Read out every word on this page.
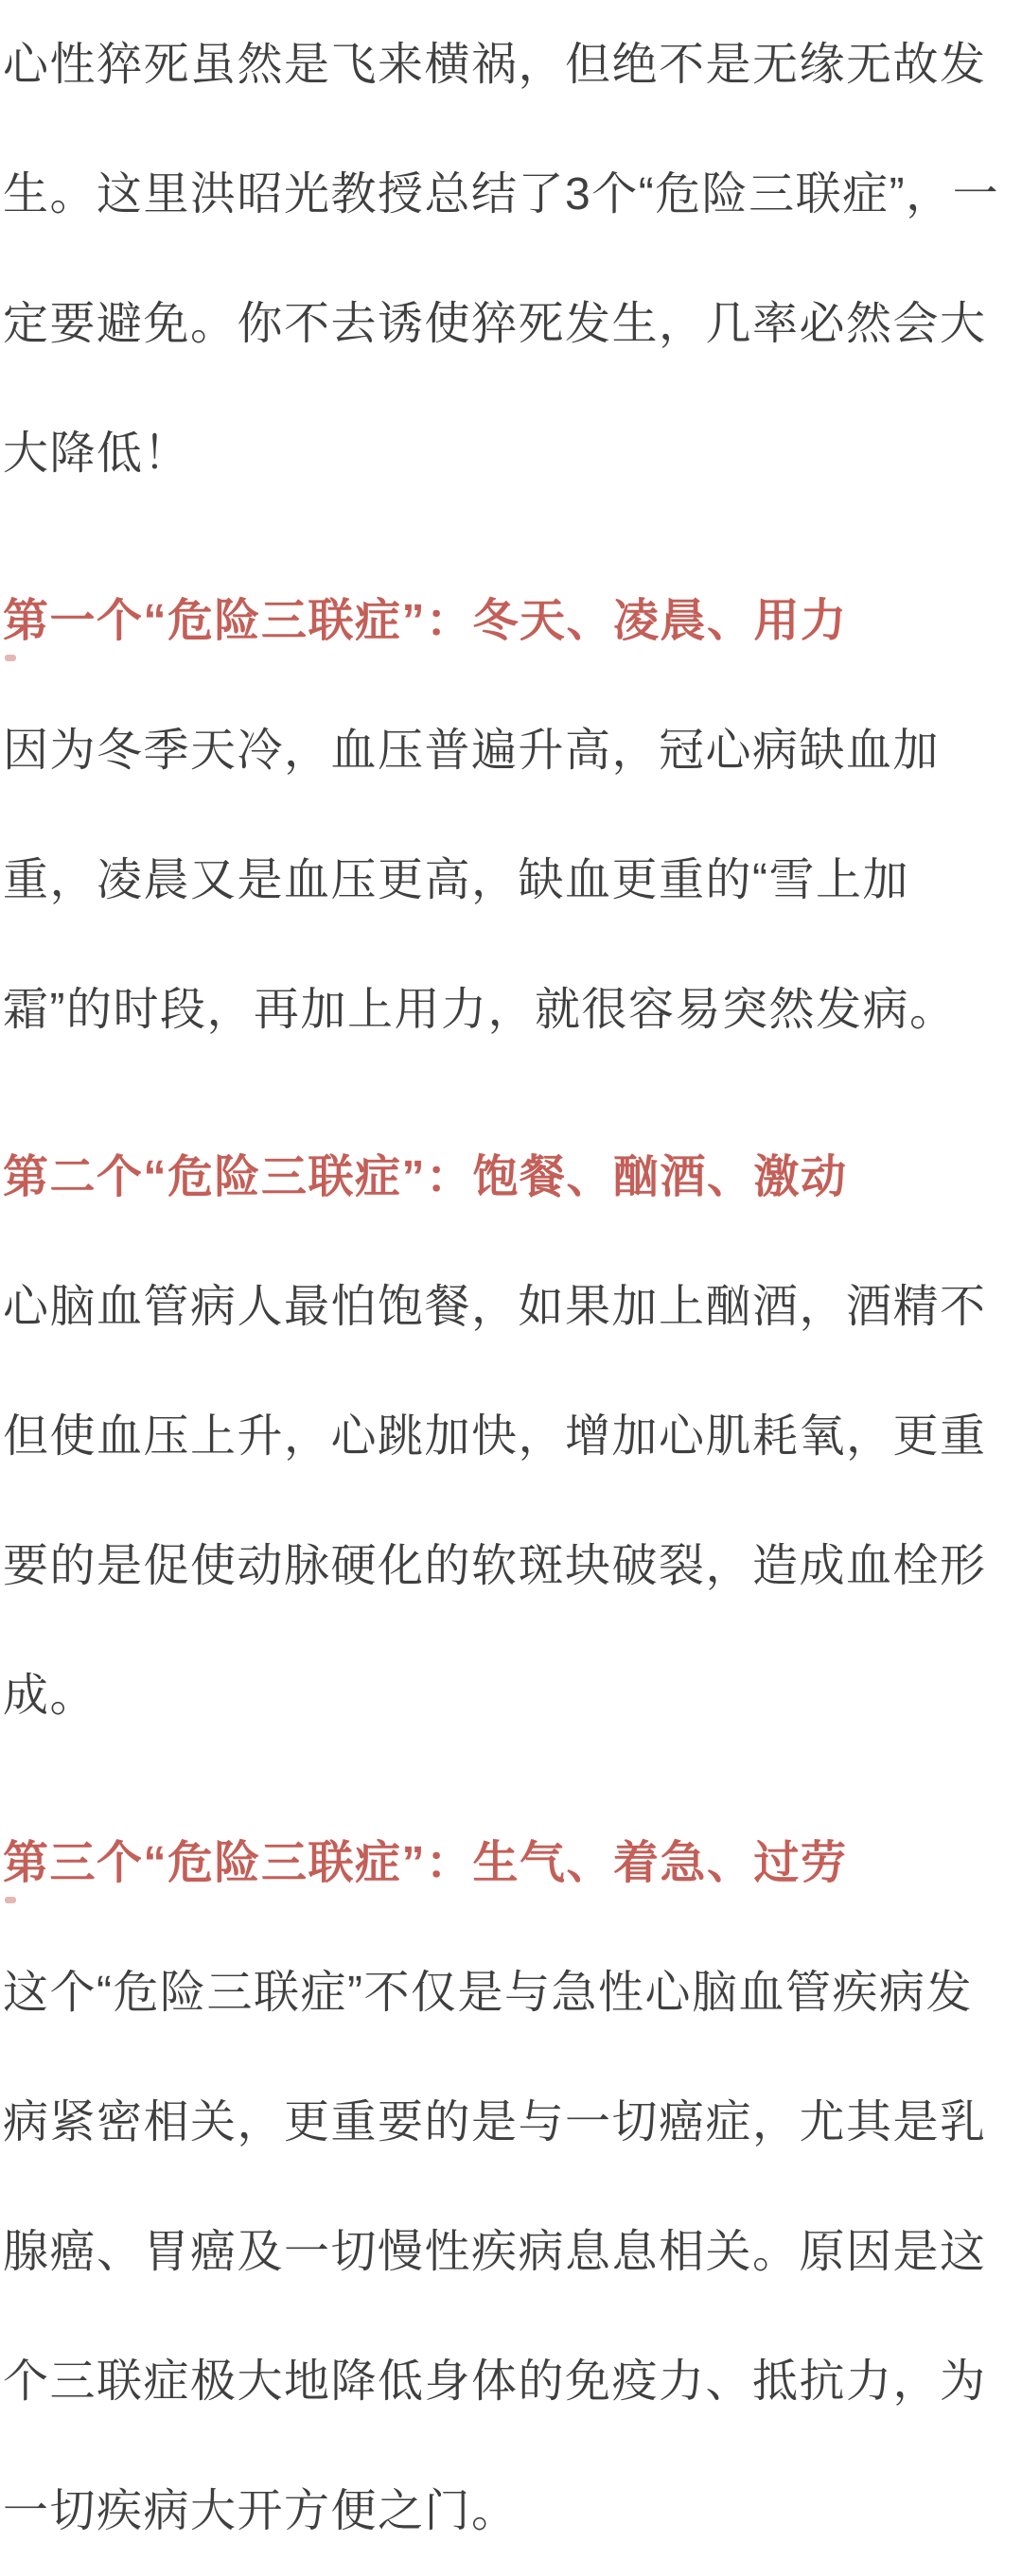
心性猝死虽然是飞来横祸，但绝不是无缘无故发生。这里洪昭光教授总结了3个“危险三联症”，一定要避免。你不去诱使猝死发生，几率必然会大大降低！

第一个“危险三联症”：冬天、凌晨、用力

因为冬季天冷，血压普遍升高，冠心病缺血加重，凌晨又是血压更高，缺血更重的“雪上加霜”的时段，再加上用力，就很容易突然发病。

第二个“危险三联症”：饱餐、酗酒、激动

心脑血管病人最怕饱餐，如果加上酗酒，酒精不但使血压上升，心跳加快，增加心肌耗氧，更重要的是促使动脉硬化的软斑块破裂，造成血栓形成。

第三个“危险三联症”：生气、着急、过劳

这个“危险三联症”不仅是与急性心脑血管疾病发病紧密相关，更重要的是与一切癌症，尤其是乳腺癌、胃癌及一切慢性疾病息息相关。原因是这个三联症极大地降低身体的免疫力、抵抗力，为一切疾病大开方便之门。
